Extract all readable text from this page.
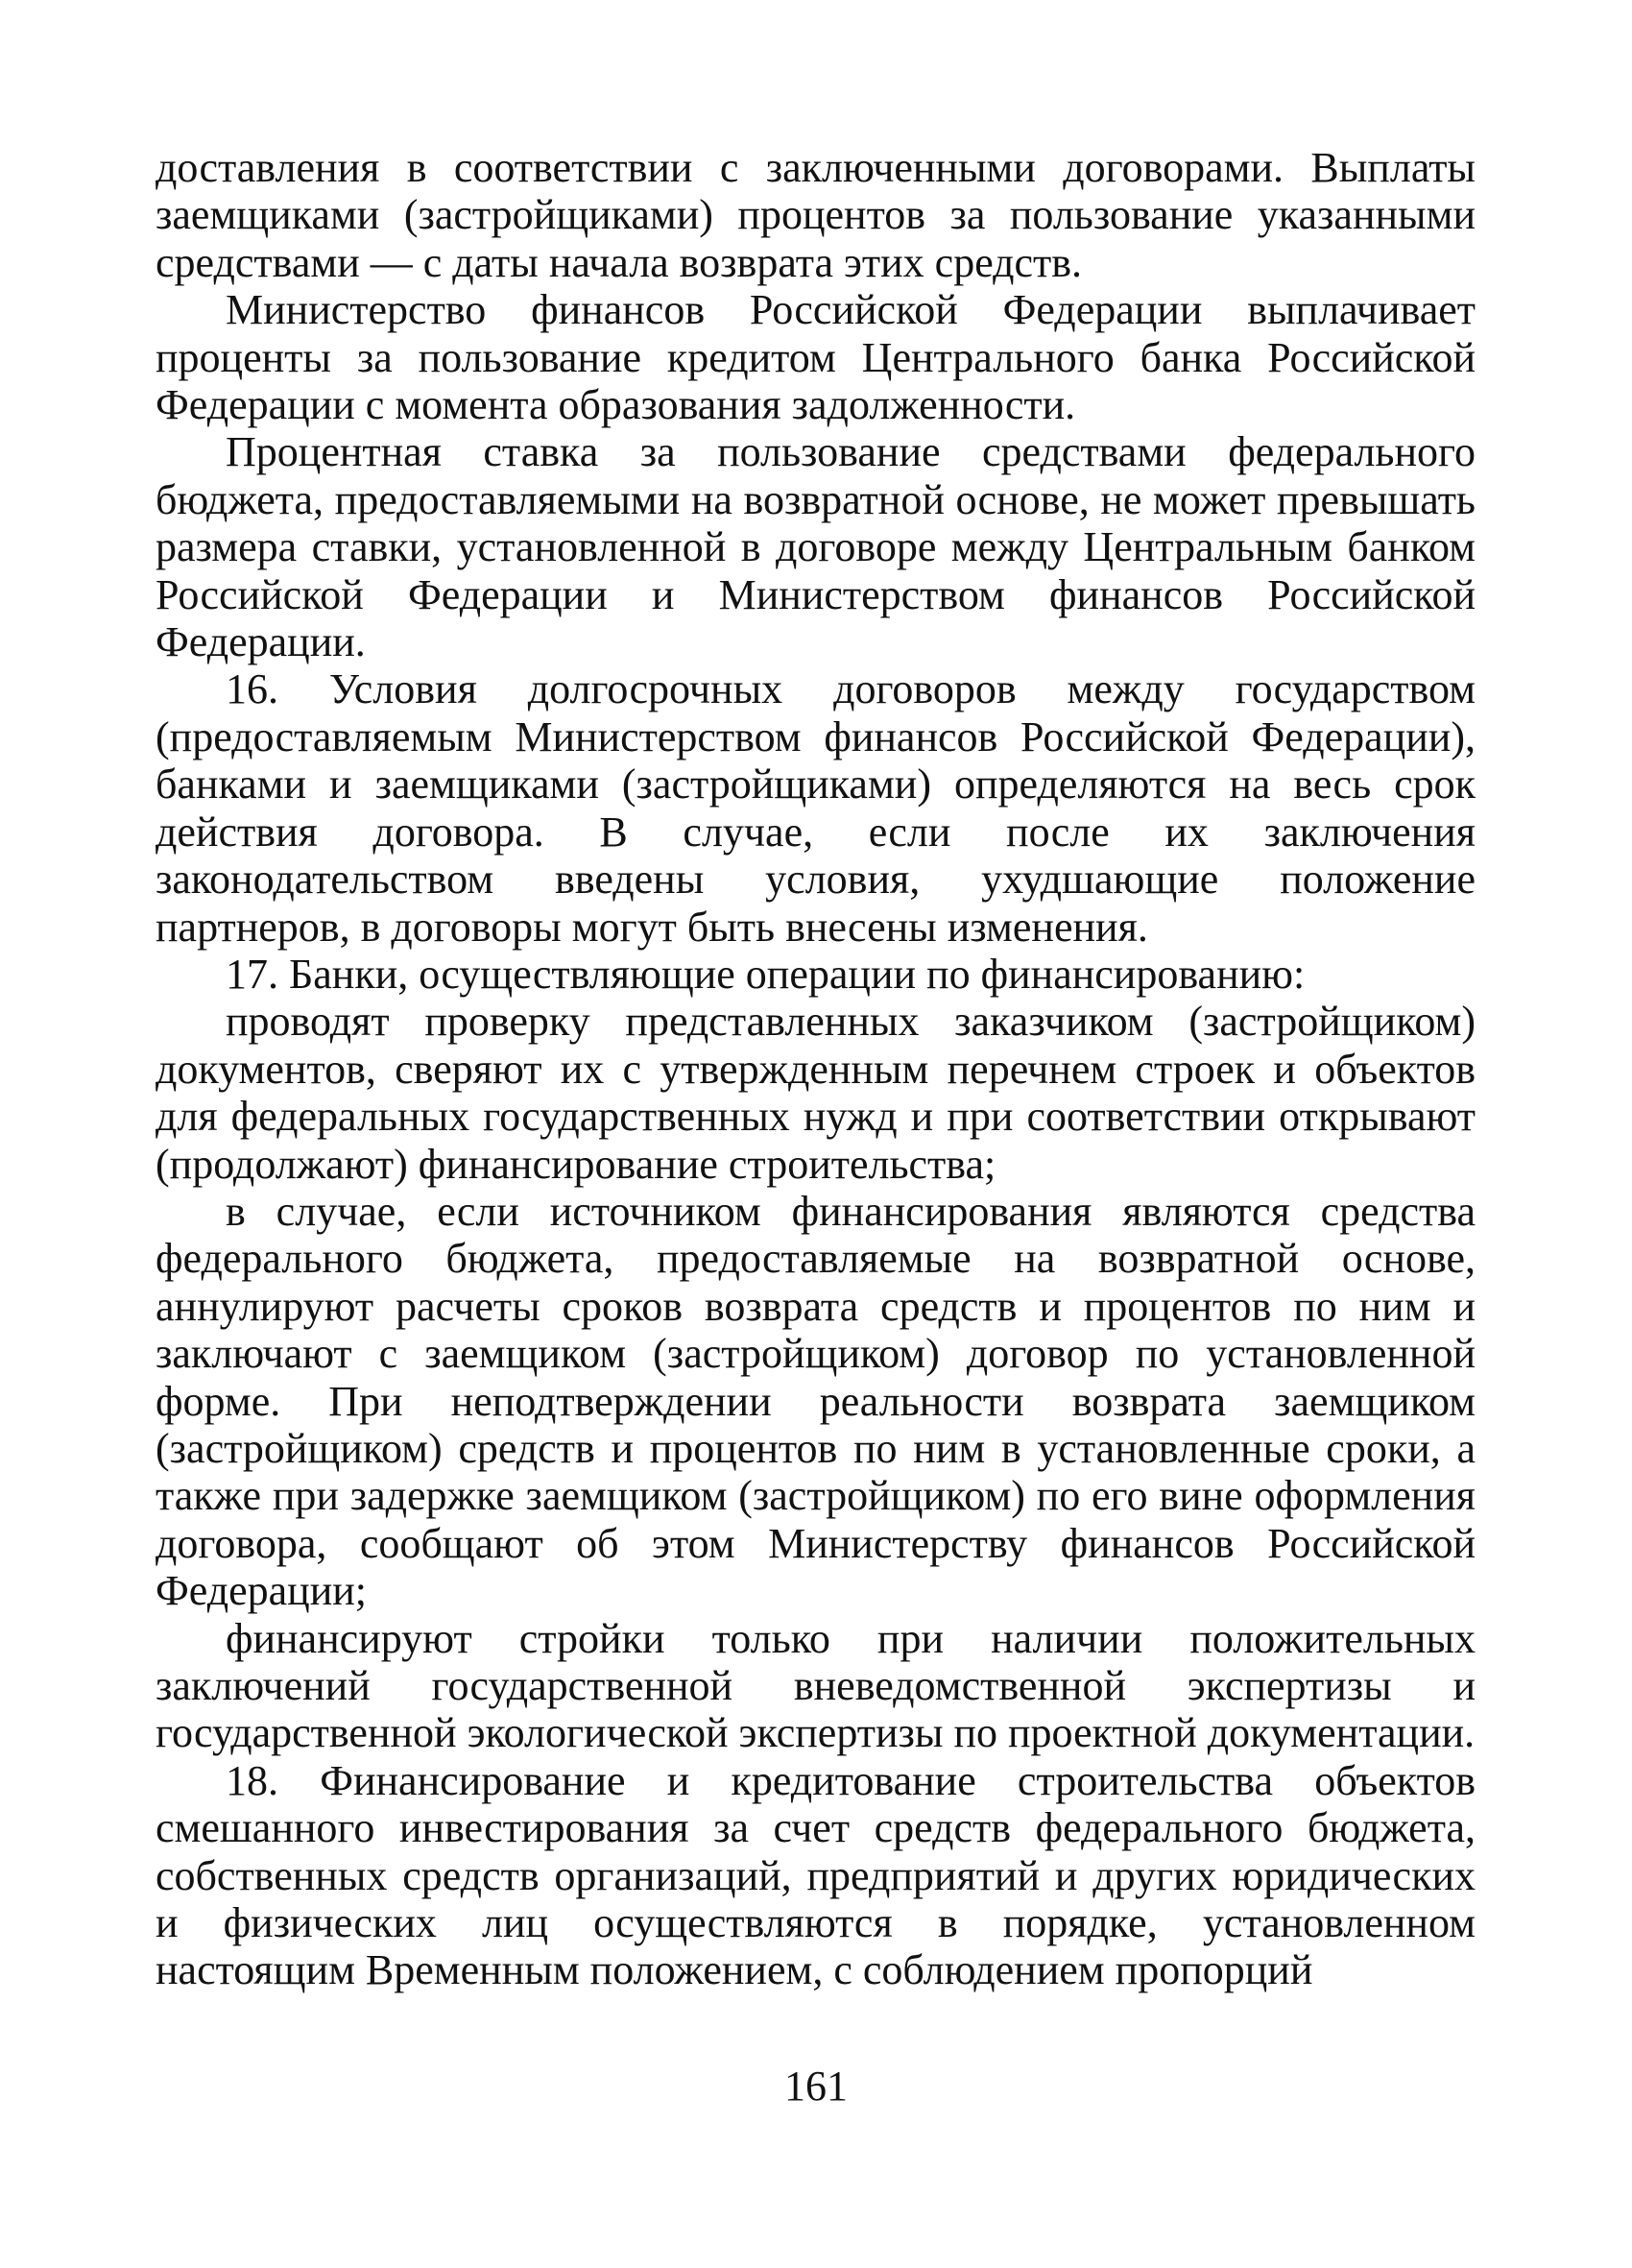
доставления в соответствии с заключенными договорами. Выплаты заемщиками (застройщиками) процентов за пользование указанными средствами — с даты начала возврата этих средств.

Министерство финансов Российской Федерации выплачивает проценты за пользование кредитом Центрального банка Российской Федерации с момента образования задолженности.

Процентная ставка за пользование средствами федерального бюджета, предоставляемыми на возвратной основе, не может превышать размера ставки, установленной в договоре между Центральным банком Российской Федерации и Министерством финансов Российской Федерации.

16. Условия долгосрочных договоров между государством (предоставляемым Министерством финансов Российской Федерации), банками и заемщиками (застройщиками) определяются на весь срок действия договора. В случае, если после их заключения законодательством введены условия, ухудшающие положение партнеров, в договоры могут быть внесены изменения.

17. Банки, осуществляющие операции по финансированию:

проводят проверку представленных заказчиком (застройщиком) документов, сверяют их с утвержденным перечнем строек и объектов для федеральных государственных нужд и при соответствии открывают (продолжают) финансирование строительства;

в случае, если источником финансирования являются средства федерального бюджета, предоставляемые на возвратной основе, аннулируют расчеты сроков возврата средств и процентов по ним и заключают с заемщиком (застройщиком) договор по установленной форме. При неподтверждении реальности возврата заемщиком (застройщиком) средств и процентов по ним в установленные сроки, а также при задержке заемщиком (застройщиком) по его вине оформления договора, сообщают об этом Министерству финансов Российской Федерации;

финансируют стройки только при наличии положительных заключений государственной вневедомственной экспертизы и государственной экологической экспертизы по проектной документации.

18. Финансирование и кредитование строительства объектов смешанного инвестирования за счет средств федерального бюджета, собственных средств организаций, предприятий и других юридических и физических лиц осуществляются в порядке, установленном настоящим Временным положением, с соблюдением пропорций

161
